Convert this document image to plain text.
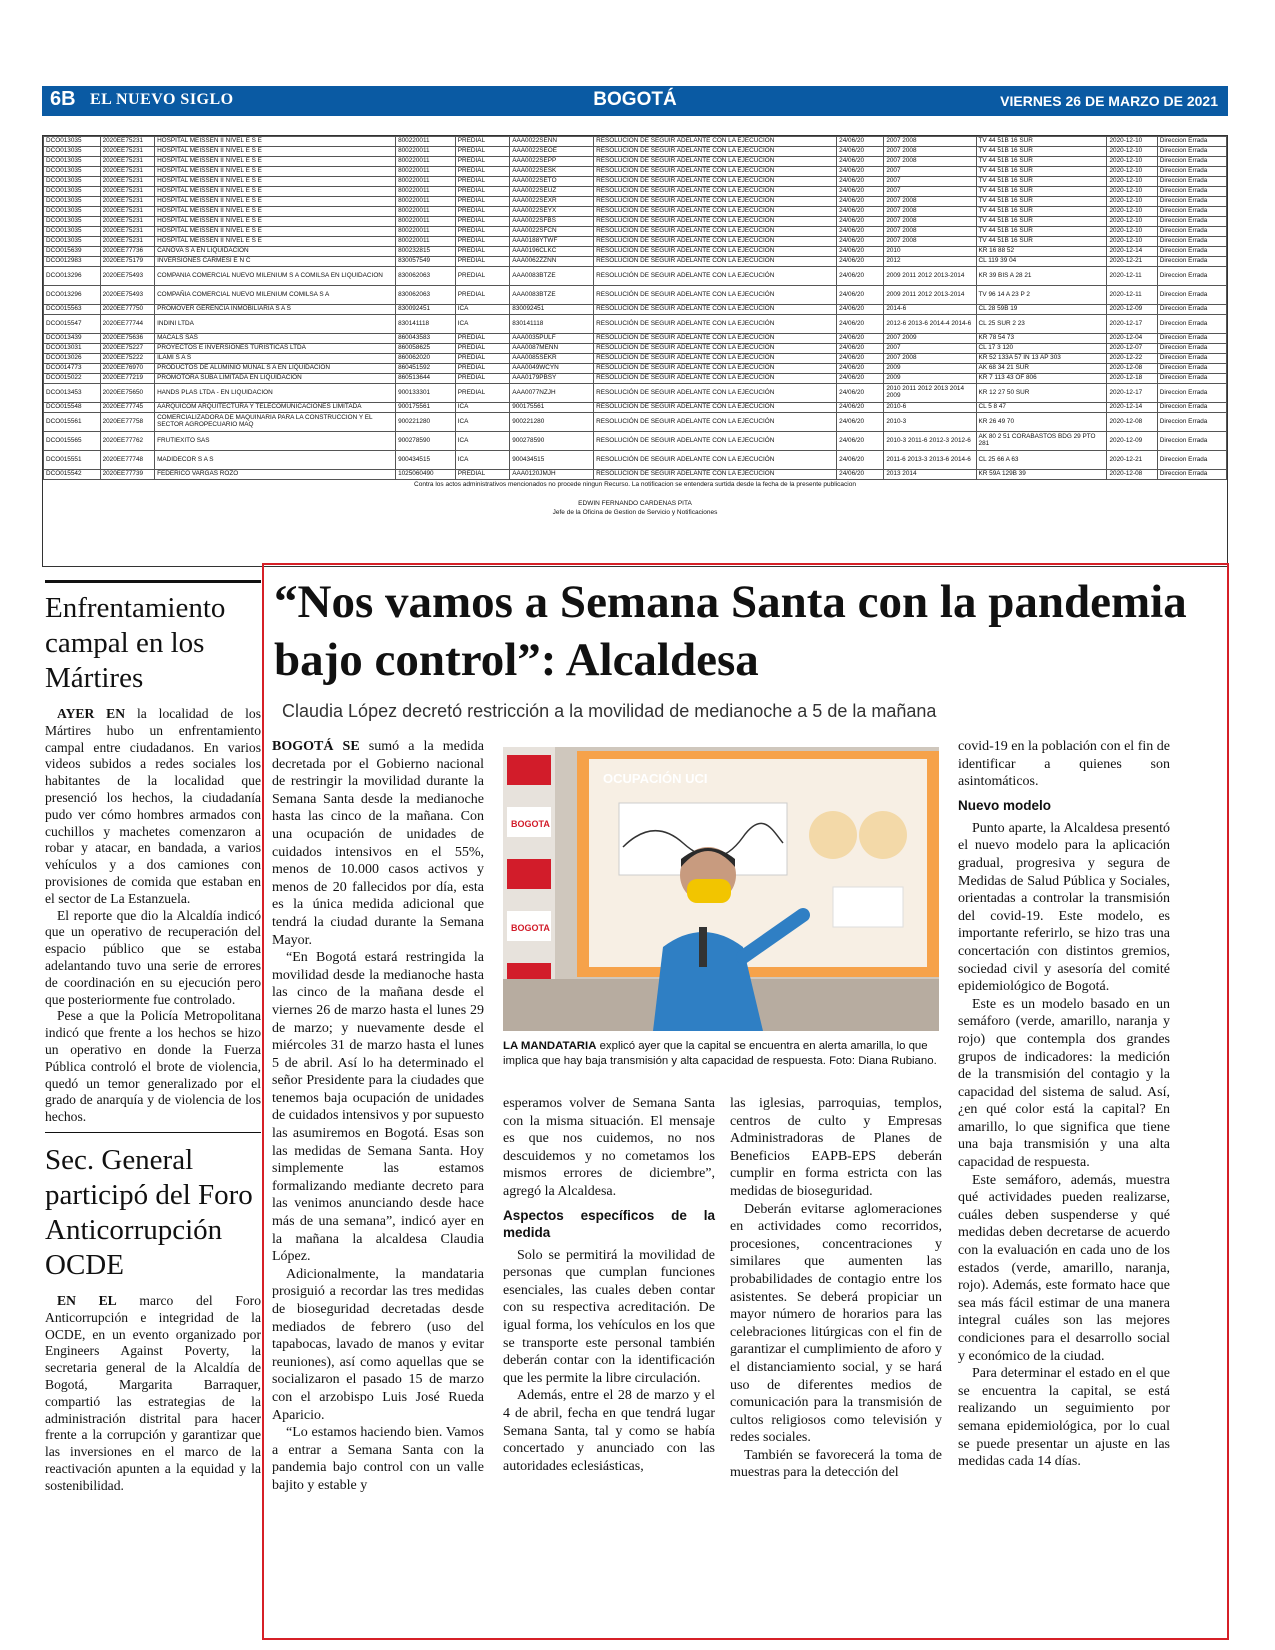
6B EL NUEVO SIGLO	BOGOTÁ	VIERNES 26 DE MARZO DE 2021
DCO013035	2020EE75231	HOSPITAL MEISSEN II NIVEL E S E	800220011	PREDIAL	AAA0022SENN	RESOLUCIÓN DE SEGUIR ADELANTE CON LA EJECUCIÓN	24/06/20	2007 2008	TV 44 51B 16 SUR	2020-12-10	Direccion Errada
DCO013035	2020EE75231	HOSPITAL MEISSEN II NIVEL E S E	800220011	PREDIAL	AAA0022SEOE	RESOLUCIÓN DE SEGUIR ADELANTE CON LA EJECUCIÓN	24/06/20	2007 2008	TV 44 51B 16 SUR	2020-12-10	Direccion Errada
DCO013035	2020EE75231	HOSPITAL MEISSEN II NIVEL E S E	800220011	PREDIAL	AAA0022SEPP	RESOLUCIÓN DE SEGUIR ADELANTE CON LA EJECUCIÓN	24/06/20	2007 2008	TV 44 51B 16 SUR	2020-12-10	Direccion Errada
DCO013035	2020EE75231	HOSPITAL MEISSEN II NIVEL E S E	800220011	PREDIAL	AAA0022SESK	RESOLUCIÓN DE SEGUIR ADELANTE CON LA EJECUCIÓN	24/06/20	2007	TV 44 51B 16 SUR	2020-12-10	Direccion Errada
DCO013035	2020EE75231	HOSPITAL MEISSEN II NIVEL E S E	800220011	PREDIAL	AAA0022SETO	RESOLUCIÓN DE SEGUIR ADELANTE CON LA EJECUCIÓN	24/06/20	2007	TV 44 51B 16 SUR	2020-12-10	Direccion Errada
DCO013035	2020EE75231	HOSPITAL MEISSEN II NIVEL E S E	800220011	PREDIAL	AAA0022SEUZ	RESOLUCIÓN DE SEGUIR ADELANTE CON LA EJECUCIÓN	24/06/20	2007	TV 44 51B 16 SUR	2020-12-10	Direccion Errada
DCO013035	2020EE75231	HOSPITAL MEISSEN II NIVEL E S E	800220011	PREDIAL	AAA0022SEXR	RESOLUCIÓN DE SEGUIR ADELANTE CON LA EJECUCIÓN	24/06/20	2007 2008	TV 44 51B 16 SUR	2020-12-10	Direccion Errada
DCO013035	2020EE75231	HOSPITAL MEISSEN II NIVEL E S E	800220011	PREDIAL	AAA0022SEYX	RESOLUCIÓN DE SEGUIR ADELANTE CON LA EJECUCIÓN	24/06/20	2007 2008	TV 44 51B 16 SUR	2020-12-10	Direccion Errada
DCO013035	2020EE75231	HOSPITAL MEISSEN II NIVEL E S E	800220011	PREDIAL	AAA0022SFBS	RESOLUCIÓN DE SEGUIR ADELANTE CON LA EJECUCIÓN	24/06/20	2007 2008	TV 44 51B 16 SUR	2020-12-10	Direccion Errada
DCO013035	2020EE75231	HOSPITAL MEISSEN II NIVEL E S E	800220011	PREDIAL	AAA0022SFCN	RESOLUCIÓN DE SEGUIR ADELANTE CON LA EJECUCIÓN	24/06/20	2007 2008	TV 44 51B 16 SUR	2020-12-10	Direccion Errada
DCO013035	2020EE75231	HOSPITAL MEISSEN II NIVEL E S E	800220011	PREDIAL	AAA0188YTWF	RESOLUCIÓN DE SEGUIR ADELANTE CON LA EJECUCIÓN	24/06/20	2007 2008	TV 44 51B 16 SUR	2020-12-10	Direccion Errada
DCO015639	2020EE77736	CANOVA S A EN LIQUIDACION	800232815	PREDIAL	AAA0196CLKC	RESOLUCIÓN DE SEGUIR ADELANTE CON LA EJECUCIÓN	24/06/20	2010	KR 16 88 52	2020-12-14	Direccion Errada
DCO012983	2020EE75179	INVERSIONES CARMESI E N C	830057549	PREDIAL	AAA0062ZZNN	RESOLUCIÓN DE SEGUIR ADELANTE CON LA EJECUCIÓN	24/06/20	2012	CL 119 39 04	2020-12-21	Direccion Errada
DCO013296	2020EE75493	COMPANIA COMERCIAL NUEVO MILENIUM S A COMILSA EN LIQUIDACION	830062063	PREDIAL	AAA0083BTZE	RESOLUCIÓN DE SEGUIR ADELANTE CON LA EJECUCIÓN	24/06/20	2009 2011 2012 2013-2014	KR 39 BIS A 28 21	2020-12-11	Direccion Errada
DCO013296	2020EE75493	COMPAÑIA COMERCIAL NUEVO MILENIUM COMILSA S A	830062063	PREDIAL	AAA0083BTZE	RESOLUCIÓN DE SEGUIR ADELANTE CON LA EJECUCIÓN	24/06/20	2009 2011 2012 2013-2014	TV 96 14 A 23 P 2	2020-12-11	Direccion Errada
DCO015563	2020EE77750	PROMOVER GERENCIA INMOBILIARIA S A S	830092451	ICA	830092451	RESOLUCIÓN DE SEGUIR ADELANTE CON LA EJECUCIÓN	24/06/20	2014-6	CL 28 59B 19	2020-12-09	Direccion Errada
DCO015547	2020EE77744	INDINI LTDA	830141118	ICA	830141118	RESOLUCIÓN DE SEGUIR ADELANTE CON LA EJECUCIÓN	24/06/20	2012-6 2013-6 2014-4 2014-6	CL 25 SUR 2 23	2020-12-17	Direccion Errada
DCO013439	2020EE75636	MACALS SAS	860043583	PREDIAL	AAA0035PULF	RESOLUCIÓN DE SEGUIR ADELANTE CON LA EJECUCIÓN	24/06/20	2007 2009	KR 78 54 73	2020-12-04	Direccion Errada
DCO013031	2020EE75227	PROYECTOS E INVERSIONES TURISTICAS LTDA	860058625	PREDIAL	AAA0087MENN	RESOLUCIÓN DE SEGUIR ADELANTE CON LA EJECUCIÓN	24/06/20	2007	CL 17 3 120	2020-12-07	Direccion Errada
DCO013026	2020EE75222	ILAMI S A S	860062020	PREDIAL	AAA0085SEKR	RESOLUCIÓN DE SEGUIR ADELANTE CON LA EJECUCIÓN	24/06/20	2007 2008	KR 52 133A 57 IN 13 AP 303	2020-12-22	Direccion Errada
DCO014773	2020EE76970	PRODUCTOS DE ALUMINIO MUNAL S A EN LIQUIDACION	860451592	PREDIAL	AAA0049WCYN	RESOLUCIÓN DE SEGUIR ADELANTE CON LA EJECUCIÓN	24/06/20	2009	AK 68 34 21 SUR	2020-12-08	Direccion Errada
DCO015022	2020EE77219	PROMOTORA SUBA LIMITADA EN LIQUIDACION	860513644	PREDIAL	AAA0179PBSY	RESOLUCIÓN DE SEGUIR ADELANTE CON LA EJECUCIÓN	24/06/20	2009	KR 7 113 43 OF 806	2020-12-18	Direccion Errada
DCO013453	2020EE75650	HANDS PLAS LTDA - EN LIQUIDACION	900133301	PREDIAL	AAA0077NZJH	RESOLUCIÓN DE SEGUIR ADELANTE CON LA EJECUCIÓN	24/06/20	2010 2011 2012 2013 2014 2009	KR 12 27 50 SUR	2020-12-17	Direccion Errada
DCO015548	2020EE77745	AARQUICOM ARQUITECTURA Y TELECOMUNICACIONES LIMITADA	900175561	ICA	900175561	RESOLUCIÓN DE SEGUIR ADELANTE CON LA EJECUCIÓN	24/06/20	2010-6	CL 5 8 47	2020-12-14	Direccion Errada
DCO015561	2020EE77758	COMERCIALIZADORA DE MAQUINARIA PARA LA CONSTRUCCION Y EL SECTOR AGROPECUARIO MAQ	900221280	ICA	900221280	RESOLUCIÓN DE SEGUIR ADELANTE CON LA EJECUCIÓN	24/06/20	2010-3	KR 26 49 70	2020-12-08	Direccion Errada
DCO015565	2020EE77762	FRUTIEXITO SAS	900278590	ICA	900278590	RESOLUCIÓN DE SEGUIR ADELANTE CON LA EJECUCIÓN	24/06/20	2010-3 2011-6 2012-3 2012-6	AK 80 2 51 CORABASTOS BDG 29 PTO 281	2020-12-09	Direccion Errada
DCO015551	2020EE77748	MADIDECOR S A S	900434515	ICA	900434515	RESOLUCIÓN DE SEGUIR ADELANTE CON LA EJECUCIÓN	24/06/20	2011-6 2013-3 2013-6 2014-6	CL 25 66 A 63	2020-12-21	Direccion Errada
DCO015542	2020EE77739	FEDERICO VARGAS ROZO	1025060490	PREDIAL	AAA0120JMJH	RESOLUCIÓN DE SEGUIR ADELANTE CON LA EJECUCIÓN	24/06/20	2013 2014	KR 59A 129B 39	2020-12-08	Direccion Errada
Contra los actos administrativos mencionados no procede ningun Recurso. La notificacion se entendera surtida desde la fecha de la presente publicacion
EDWIN FERNANDO CARDENAS PITA
Jefe de la Oficina de Gestion de Servicio y Notificaciones
Enfrentamiento campal en los Mártires

AYER EN la localidad de los Mártires hubo un enfrentamiento campal entre ciudadanos. En varios videos subidos a redes sociales los habitantes de la localidad que presenció los hechos, la ciudadanía pudo ver cómo hombres armados con cuchillos y machetes comenzaron a robar y atacar, en bandada, a varios vehículos y a dos camiones con provisiones de comida que estaban en el sector de La Estanzuela.

El reporte que dio la Alcaldía indicó que un operativo de recuperación del espacio público que se estaba adelantando tuvo una serie de errores de coordinación en su ejecución pero que posteriormente fue controlado.

Pese a que la Policía Metropolitana indicó que frente a los hechos se hizo un operativo en donde la Fuerza Pública controló el brote de violencia, quedó un temor generalizado por el grado de anarquía y de violencia de los hechos.

Sec. General participó del Foro Anticorrupción OCDE

EN EL marco del Foro Anticorrupción e integridad de la OCDE, en un evento organizado por Engineers Against Poverty, la secretaria general de la Alcaldía de Bogotá, Margarita Barraquer, compartió las estrategias de la administración distrital para hacer frente a la corrupción y garantizar que las inversiones en el marco de la reactivación apunten a la equidad y la sostenibilidad.

“Nos vamos a Semana Santa con la pandemia bajo control”: Alcaldesa

Claudia López decretó restricción a la movilidad de medianoche a 5 de la mañana

BOGOTÁ SE sumó a la medida decretada por el Gobierno nacional de restringir la movilidad durante la Semana Santa desde la medianoche hasta las cinco de la mañana. Con una ocupación de unidades de cuidados intensivos en el 55%, menos de 10.000 casos activos y menos de 20 fallecidos por día, esta es la única medida adicional que tendrá la ciudad durante la Semana Mayor.

“En Bogotá estará restringida la movilidad desde la medianoche hasta las cinco de la mañana desde el viernes 26 de marzo hasta el lunes 29 de marzo; y nuevamente desde el miércoles 31 de marzo hasta el lunes 5 de abril. Así lo ha determinado el señor Presidente para la ciudades que tenemos baja ocupación de unidades de cuidados intensivos y por supuesto las asumiremos en Bogotá. Esas son las medidas de Semana Santa. Hoy simplemente las estamos formalizando mediante decreto para las venimos anunciando desde hace más de una semana”, indicó ayer en la mañana la alcaldesa Claudia López.

Adicionalmente, la mandataria prosiguió a recordar las tres medidas de bioseguridad decretadas desde mediados de febrero (uso del tapabocas, lavado de manos y evitar reuniones), así como aquellas que se socializaron el pasado 15 de marzo con el arzobispo Luis José Rueda Aparicio.

“Lo estamos haciendo bien. Vamos a entrar a Semana Santa con la pandemia bajo control con un valle bajito y estable y

BOGOTA
BOGOTA
OCUPACIÓN UCI
LA MANDATARIA explicó ayer que la capital se encuentra en alerta amarilla, lo que implica que hay baja transmisión y alta capacidad de respuesta. Foto: Diana Rubiano.

esperamos volver de Semana Santa con la misma situación. El mensaje es que nos cuidemos, no nos descuidemos y no cometamos los mismos errores de diciembre”, agregó la Alcaldesa.

Aspectos específicos de la medida

Solo se permitirá la movilidad de personas que cumplan funciones esenciales, las cuales deben contar con su respectiva acreditación. De igual forma, los vehículos en los que se transporte este personal también deberán contar con la identificación que les permite la libre circulación.

Además, entre el 28 de marzo y el 4 de abril, fecha en que tendrá lugar Semana Santa, tal y como se había concertado y anunciado con las autoridades eclesiásticas,

las iglesias, parroquias, templos, centros de culto y Empresas Administradoras de Planes de Beneficios EAPB-EPS deberán cumplir en forma estricta con las medidas de bioseguridad.

Deberán evitarse aglomeraciones en actividades como recorridos, procesiones, concentraciones y similares que aumenten las probabilidades de contagio entre los asistentes. Se deberá propiciar un mayor número de horarios para las celebraciones litúrgicas con el fin de garantizar el cumplimiento de aforo y el distanciamiento social, y se hará uso de diferentes medios de comunicación para la transmisión de cultos religiosos como televisión y redes sociales.

También se favorecerá la toma de muestras para la detección del

covid-19 en la población con el fin de identificar a quienes son asintomáticos.

Nuevo modelo

Punto aparte, la Alcaldesa presentó el nuevo modelo para la aplicación gradual, progresiva y segura de Medidas de Salud Pública y Sociales, orientadas a controlar la transmisión del covid-19. Este modelo, es importante referirlo, se hizo tras una concertación con distintos gremios, sociedad civil y asesoría del comité epidemiológico de Bogotá.

Este es un modelo basado en un semáforo (verde, amarillo, naranja y rojo) que contempla dos grandes grupos de indicadores: la medición de la transmisión del contagio y la capacidad del sistema de salud. Así, ¿en qué color está la capital? En amarillo, lo que significa que tiene una baja transmisión y una alta capacidad de respuesta.

Este semáforo, además, muestra qué actividades pueden realizarse, cuáles deben suspenderse y qué medidas deben decretarse de acuerdo con la evaluación en cada uno de los estados (verde, amarillo, naranja, rojo). Además, este formato hace que sea más fácil estimar de una manera integral cuáles son las mejores condiciones para el desarrollo social y económico de la ciudad.

Para determinar el estado en el que se encuentra la capital, se está realizando un seguimiento por semana epidemiológica, por lo cual se puede presentar un ajuste en las medidas cada 14 días.
